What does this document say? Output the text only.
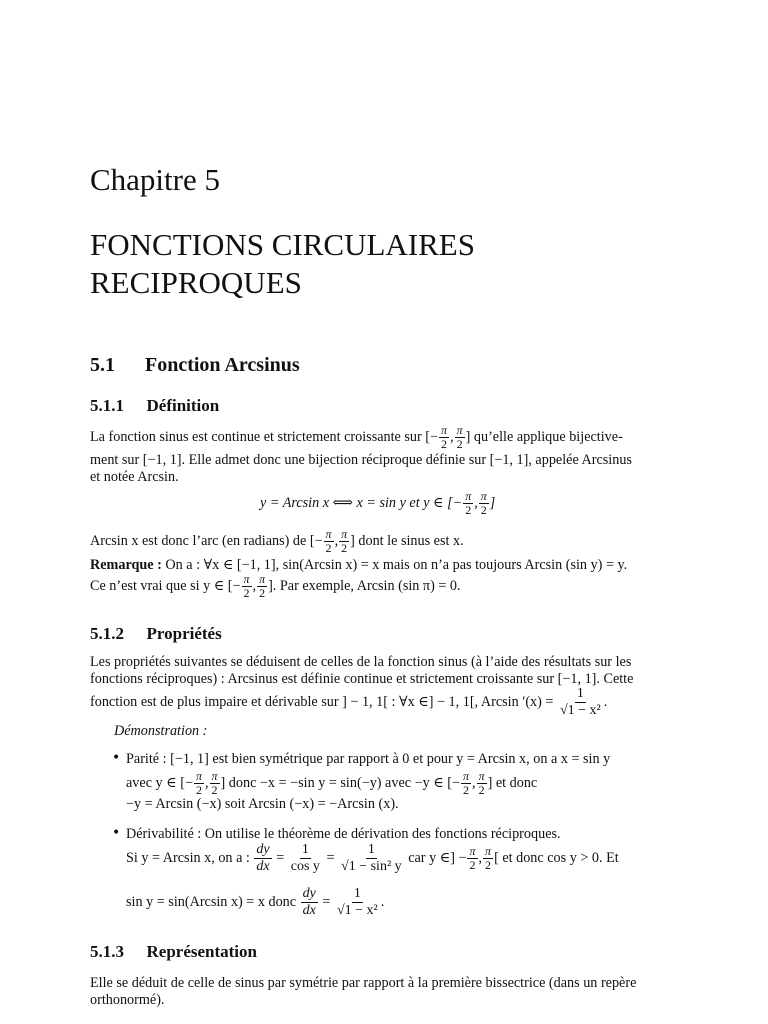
Chapitre 5
FONCTIONS CIRCULAIRES
RECIPROQUES
5.1 Fonction Arcsinus
5.1.1 Définition
La fonction sinus est continue et strictement croissante sur [− $\frac{\pi}{2}$ , $\frac{\pi}{2}$ ] qu’elle applique bijective-
ment sur [−1, 1]. Elle admet donc une bijection réciproque définie sur [−1, 1], appelée Arcsinus
et notée Arcsin.
y = Arcsin x ⟺ x = sin y et y ∈ [− $\frac{\pi}{2}$ , $\frac{\pi}{2}$ ]
Arcsin x est donc l’arc (en radians) de [− $\frac{\pi}{2}$ , $\frac{\pi}{2}$ ] dont le sinus est x.
Remarque : On a : ∀x ∈ [−1, 1], sin(Arcsin x) = x mais on n’a pas toujours Arcsin (sin y) = y.
Ce n’est vrai que si y ∈ [− $\frac{\pi}{2}$ , $\frac{\pi}{2}$ ]. Par exemple, Arcsin (sin π) = 0.
5.1.2 Propriétés
Les propriétés suivantes se déduisent de celles de la fonction sinus (à l’aide des résultats sur les
fonctions réciproques) : Arcsinus est définie continue et strictement croissante sur [−1, 1]. Cette
fonction est de plus impaire et dérivable sur ] − 1, 1[ : ∀x ∈] − 1, 1[, Arcsin $'(x) = \frac{1}{\text{√1 − x²}}$ .
Démonstration :
• Parité : [−1, 1] est bien symétrique par rapport à 0 et pour y = Arcsin x, on a x = sin y
avec y ∈ [− $\frac{\pi}{2}$ , $\frac{\pi}{2}$ ] donc −x = −sin y = sin(−y) avec −y ∈ [− $\frac{\pi}{2}$ , $\frac{\pi}{2}$ ] et donc
−y = Arcsin (−x) soit Arcsin (−x) = −Arcsin (x).
• Dérivabilité : On utilise le théorème de dérivation des fonctions réciproques.
Si y = Arcsin x, on a : $\frac{dy}{dx} = \frac{1}{\text{cos y}} = \frac{1}{\text{√1 − sin² y}}$ car y ∈] − $\frac{\pi}{2}$ , $\frac{\pi}{2}$ [ et donc cos y > 0. Et
sin y = sin(Arcsin x) = x donc $\frac{dy}{dx} = \frac{1}{\text{√1 − x²}}$ .
5.1.3 Représentation
Elle se déduit de celle de sinus par symétrie par rapport à la première bissectrice (dans un repère
orthonormé).
